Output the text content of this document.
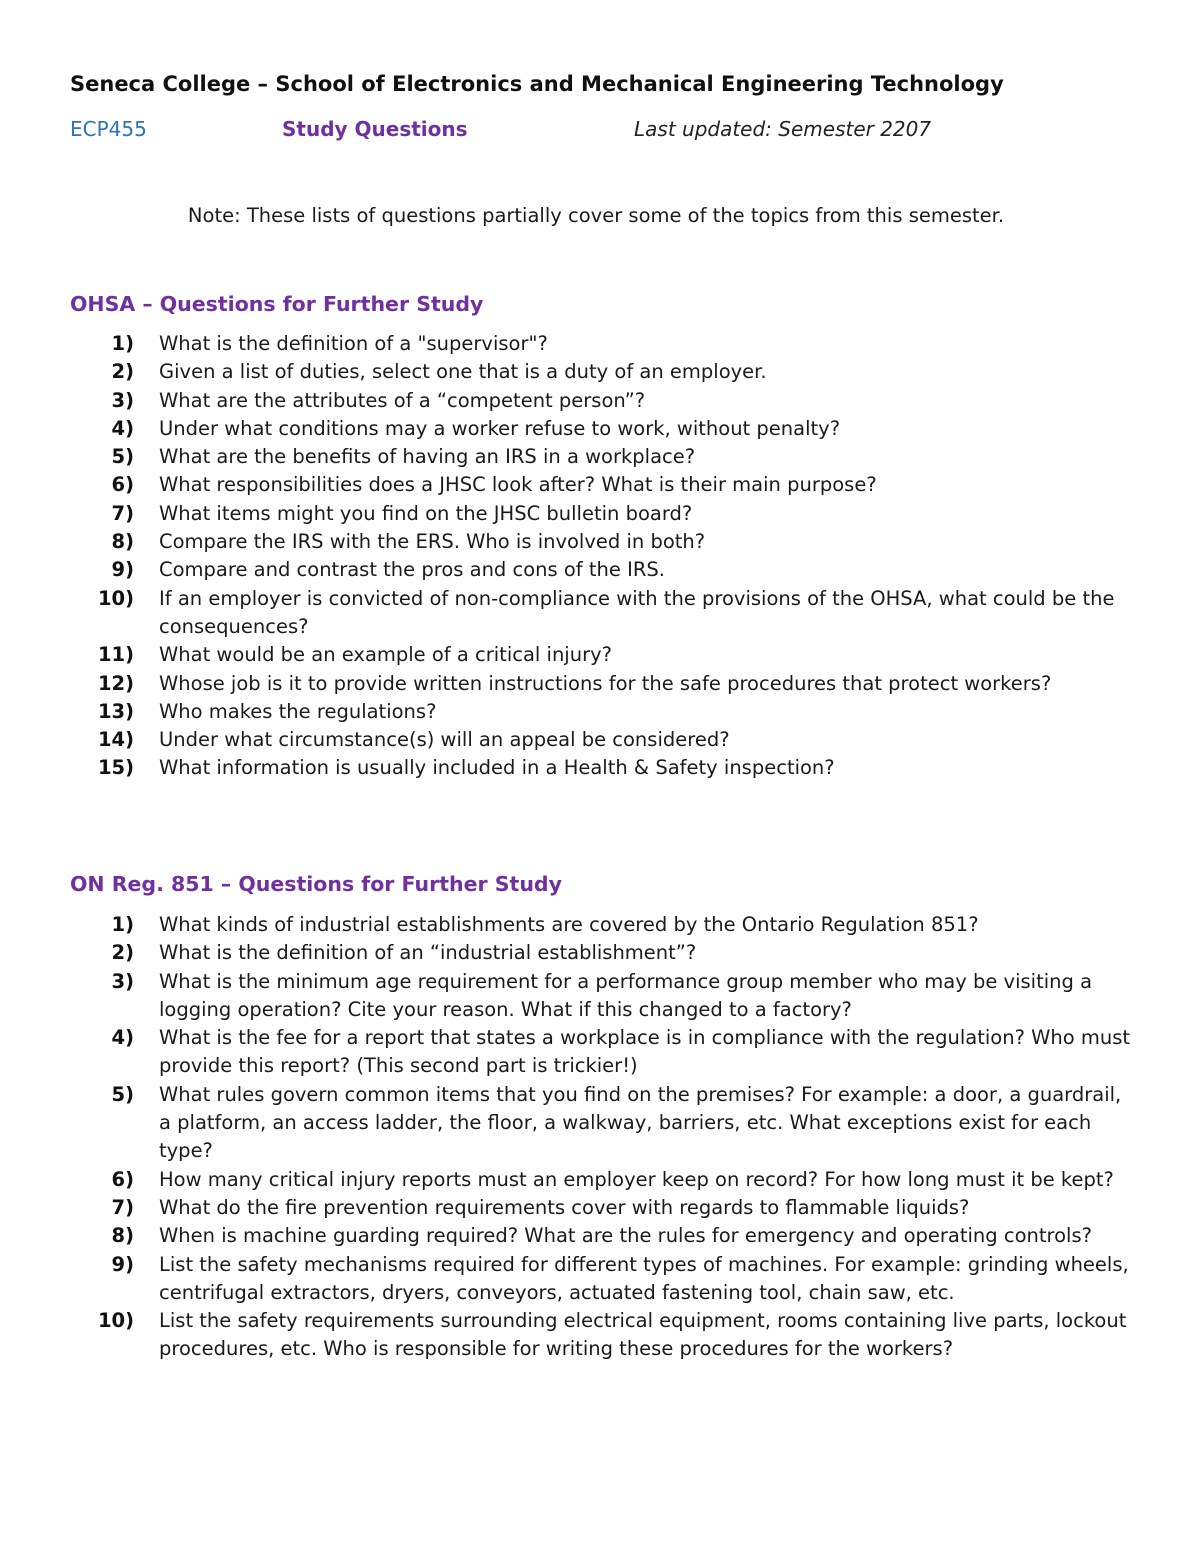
Seneca College – School of Electronics and Mechanical Engineering Technology
ECP455	Study Questions	Last updated: Semester 2207
Note: These lists of questions partially cover some of the topics from this semester.
OHSA – Questions for Further Study
1) What is the definition of a "supervisor"?
2) Given a list of duties, select one that is a duty of an employer.
3) What are the attributes of a “competent person”?
4) Under what conditions may a worker refuse to work, without penalty?
5) What are the benefits of having an IRS in a workplace?
6) What responsibilities does a JHSC look after? What is their main purpose?
7) What items might you find on the JHSC bulletin board?
8) Compare the IRS with the ERS. Who is involved in both?
9) Compare and contrast the pros and cons of the IRS.
10) If an employer is convicted of non-compliance with the provisions of the OHSA, what could be the consequences?
11) What would be an example of a critical injury?
12) Whose job is it to provide written instructions for the safe procedures that protect workers?
13) Who makes the regulations?
14) Under what circumstance(s) will an appeal be considered?
15) What information is usually included in a Health & Safety inspection?
ON Reg. 851 – Questions for Further Study
1) What kinds of industrial establishments are covered by the Ontario Regulation 851?
2) What is the definition of an “industrial establishment”?
3) What is the minimum age requirement for a performance group member who may be visiting a logging operation? Cite your reason. What if this changed to a factory?
4) What is the fee for a report that states a workplace is in compliance with the regulation? Who must provide this report? (This second part is trickier!)
5) What rules govern common items that you find on the premises? For example: a door, a guardrail, a platform, an access ladder, the floor, a walkway, barriers, etc. What exceptions exist for each type?
6) How many critical injury reports must an employer keep on record? For how long must it be kept?
7) What do the fire prevention requirements cover with regards to flammable liquids?
8) When is machine guarding required? What are the rules for emergency and operating controls?
9) List the safety mechanisms required for different types of machines. For example: grinding wheels, centrifugal extractors, dryers, conveyors, actuated fastening tool, chain saw, etc.
10) List the safety requirements surrounding electrical equipment, rooms containing live parts, lockout procedures, etc. Who is responsible for writing these procedures for the workers?
